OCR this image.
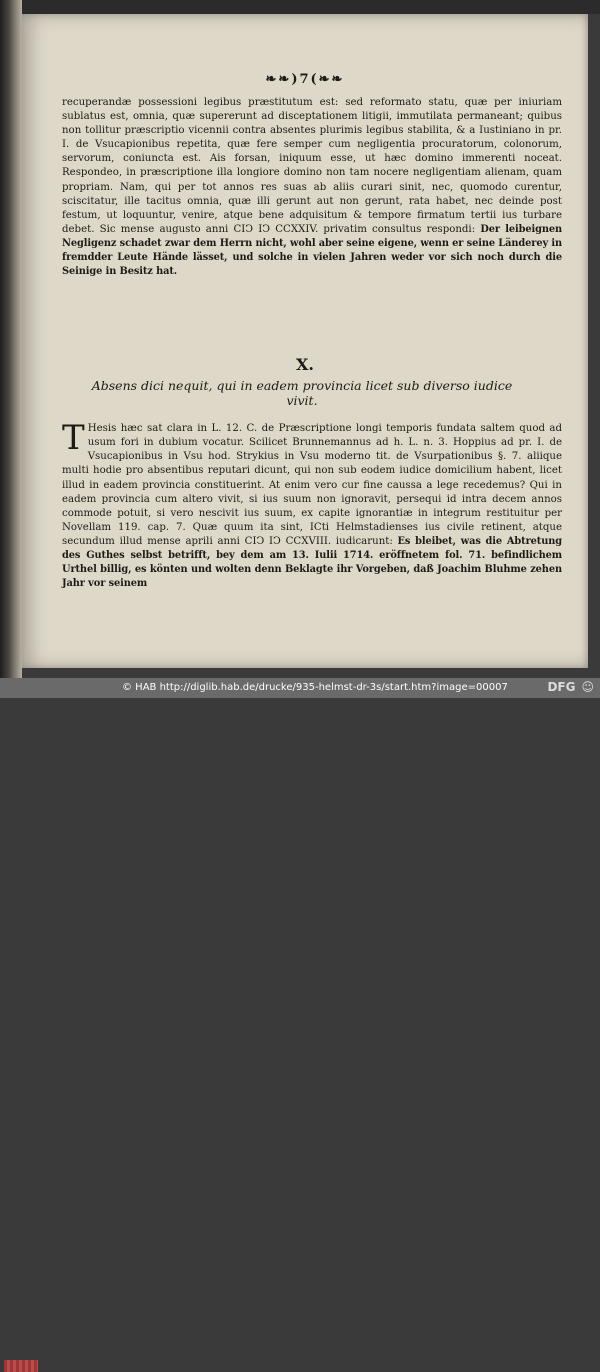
❧❧)7(❧❧

recuperandæ possessioni legibus præstitutum est: sed reformato statu, quæ per iniuriam sublatus est, omnia, quæ supererunt ad disceptationem litigii, immutilata permaneant; quibus non tollitur præscriptio vicennii contra absentes plurimis legibus stabilita, & a Iustiniano in pr. I. de Vsucapionibus repetita, quæ fere semper cum negligentia procuratorum, colonorum, servorum, coniuncta est. Ais forsan, iniquum esse, ut hæc domino immerenti noceat. Respondeo, in præscriptione illa longiore domino non tam nocere negligentiam alienam, quam propriam. Nam, qui per tot annos res suas ab aliis curari sinit, nec, quomodo curentur, sciscitatur, ille tacitus omnia, quæ illi gerunt aut non gerunt, rata habet, nec deinde post festum, ut loquuntur, venire, atque bene adquisitum & tempore firmatum tertii ius turbare debet. Sic mense augusto anni CIↃ IↃ CCXXIV. privatim consultus respondi: Der leibeignen Negligenz schadet zwar dem Herrn nicht, wohl aber seine eigene, wenn er seine Länderey in fremdder Leute Hände lässet, und solche in vielen Jahren weder vor sich noch durch die Seinige in Besitz hat.

X.
Absens dici nequit, qui in eadem provincia licet sub diverso iudice vivit.

T Hesis hæc sat clara in L. 12. C. de Præscriptione longi temporis fundata saltem quod ad usum fori in dubium vocatur. Scilicet Brunnemannus ad h. L. n. 3. Hoppius ad pr. I. de Vsucapionibus in Vsu hod. Strykius in Vsu moderno tit. de Vsurpationibus §. 7. aliique multi hodie pro absentibus reputari dicunt, qui non sub eodem iudice domicilium habent, licet illud in eadem provincia constituerint. At enim vero cur fine caussa a lege recedemus? Qui in eadem provincia cum altero vivit, si ius suum non ignoravit, persequi id intra decem annos commode potuit, si vero nescivit ius suum, ex capite ignorantiæ in integrum restituitur per Novellam 119. cap. 7. Quæ quum ita sint, ICti Helmstadienses ius civile retinent, atque secundum illud mense aprili anni CIↃ IↃ CCXVIII. iudicarunt: Es bleibet, was die Abtretung des Guthes selbst betrifft, bey dem am 13. Iulii 1714. eröffnetem fol. 71. befindlichem Urthel billig, es könten und wolten denn Beklagte ihr Vorgeben, daß Joachim Bluhme zehen Jahr vor seinem

© HAB http://diglib.hab.de/drucke/935-helmst-dr-3s/start.htm?image=00007	DFG ☺
